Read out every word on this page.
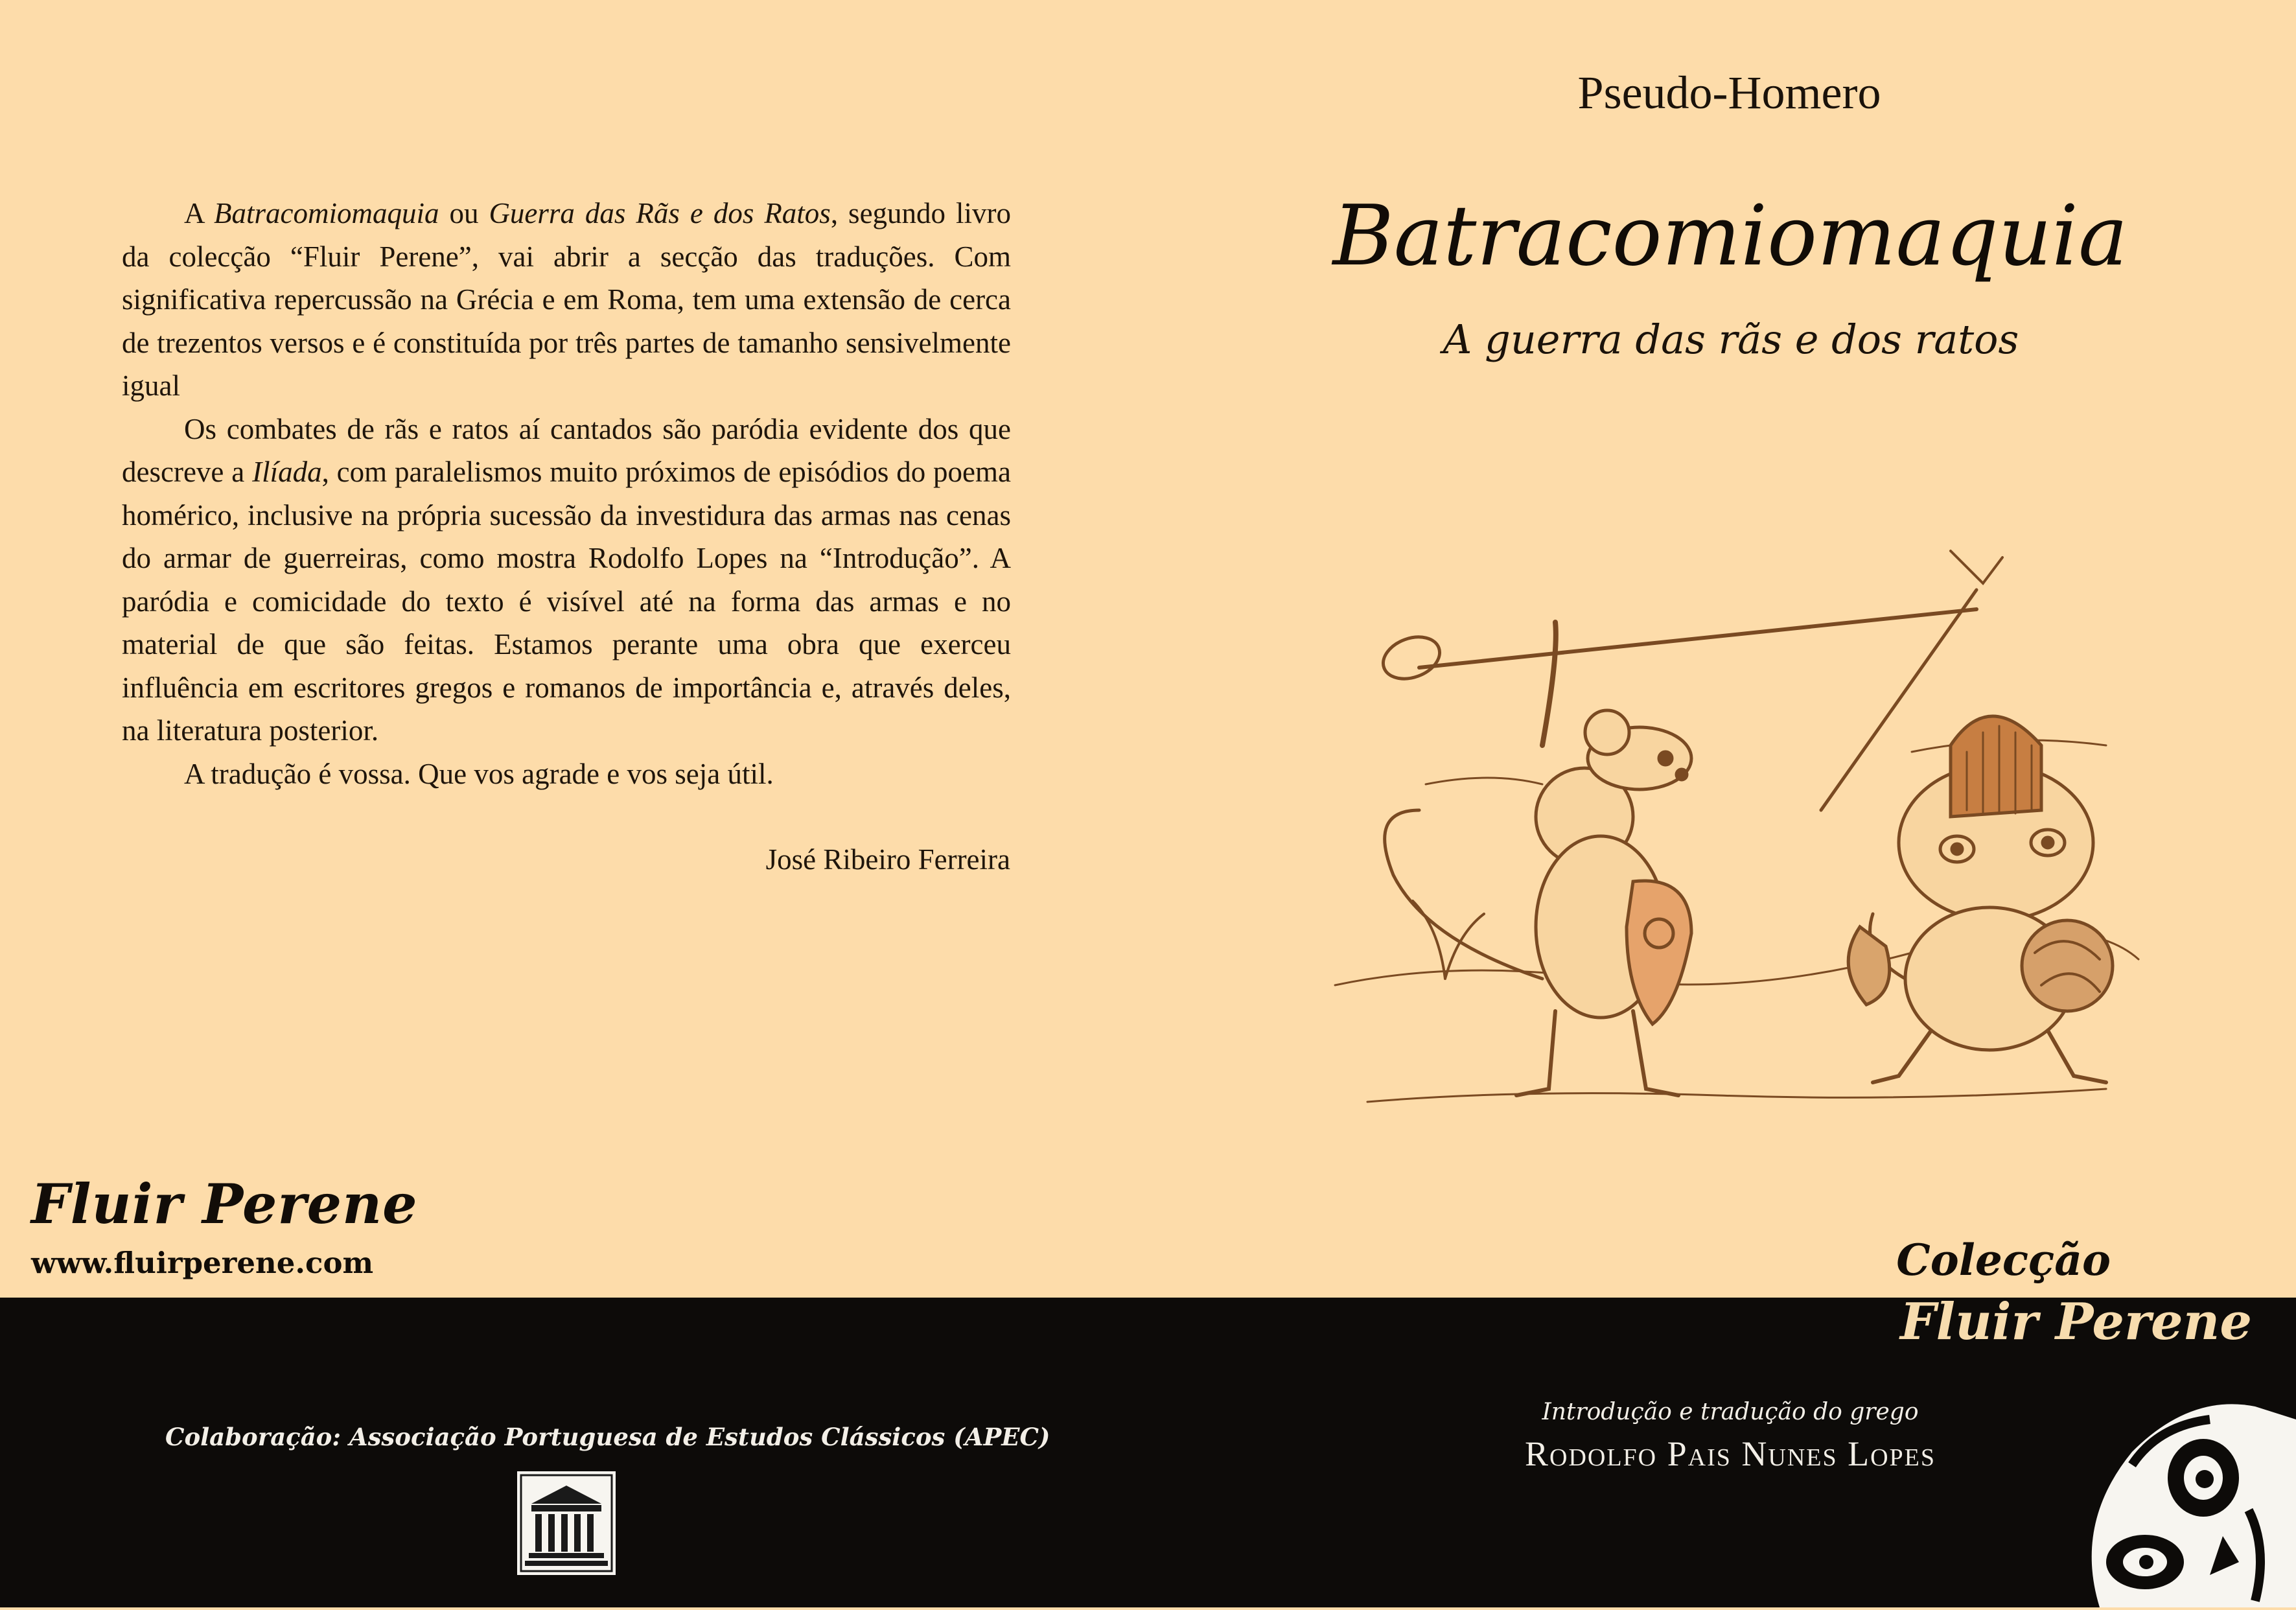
A Batracomiomaquia ou Guerra das Rãs e dos Ratos, segundo livro da colecção “Fluir Perene”, vai abrir a secção das traduções. Com significativa repercussão na Grécia e em Roma, tem uma extensão de cerca de trezentos versos e é constituída por três partes de tamanho sensivelmente igual

Os combates de rãs e ratos aí cantados são paródia evidente dos que descreve a Ilíada, com paralelismos muito próximos de episódios do poema homérico, inclusive na própria sucessão da investidura das armas nas cenas do armar de guerreiras, como mostra Rodolfo Lopes na “Introdução”. A paródia e comicidade do texto é visível até na forma das armas e no material de que são feitas. Estamos perante uma obra que exerceu influência em escritores gregos e romanos de importância e, através deles, na literatura posterior.

A tradução é vossa. Que vos agrade e vos seja útil.

José Ribeiro Ferreira
Fluir Perene
www.fluirperene.com
Colaboração: Associação Portuguesa de Estudos Clássicos (APEC)
Pseudo-Homero
Batracomiomaquia
A guerra das rãs e dos ratos
Colecção
Fluir Perene
Introdução e tradução do grego
Rodolfo Pais Nunes Lopes
